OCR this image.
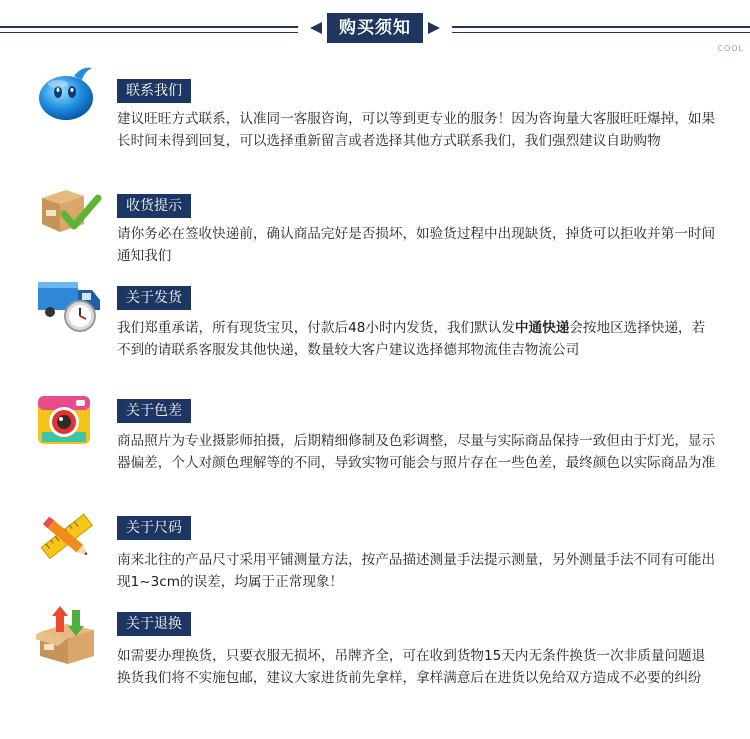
购买须知
COOL
联系我们

建议旺旺方式联系，认准同一客服咨询，可以等到更专业的服务！因为咨询量大客服旺旺爆掉，如果长时间未得到回复，可以选择重新留言或者选择其他方式联系我们，我们强烈建议自助购物

收货提示

请你务必在签收快递前，确认商品完好是否损坏，如验货过程中出现缺货，掉货可以拒收并第一时间通知我们

关于发货

我们郑重承诺，所有现货宝贝，付款后48小时内发货，我们默认发中通快递会按地区选择快递，若不到的请联系客服发其他快递，数量较大客户建议选择德邦物流佳吉物流公司

关于色差

商品照片为专业摄影师拍摄，后期精细修制及色彩调整，尽量与实际商品保持一致但由于灯光，显示器偏差，个人对颜色理解等的不同，导致实物可能会与照片存在一些色差，最终颜色以实际商品为准

关于尺码

南来北往的产品尺寸采用平铺测量方法，按产品描述测量手法提示测量，另外测量手法不同有可能出现1~3cm的误差，均属于正常现象！

关于退换

如需要办理换货，只要衣服无损坏，吊牌齐全，可在收到货物15天内无条件换货一次非质量问题退换货我们将不实施包邮，建议大家进货前先拿样，拿样满意后在进货以免给双方造成不必要的纠纷
